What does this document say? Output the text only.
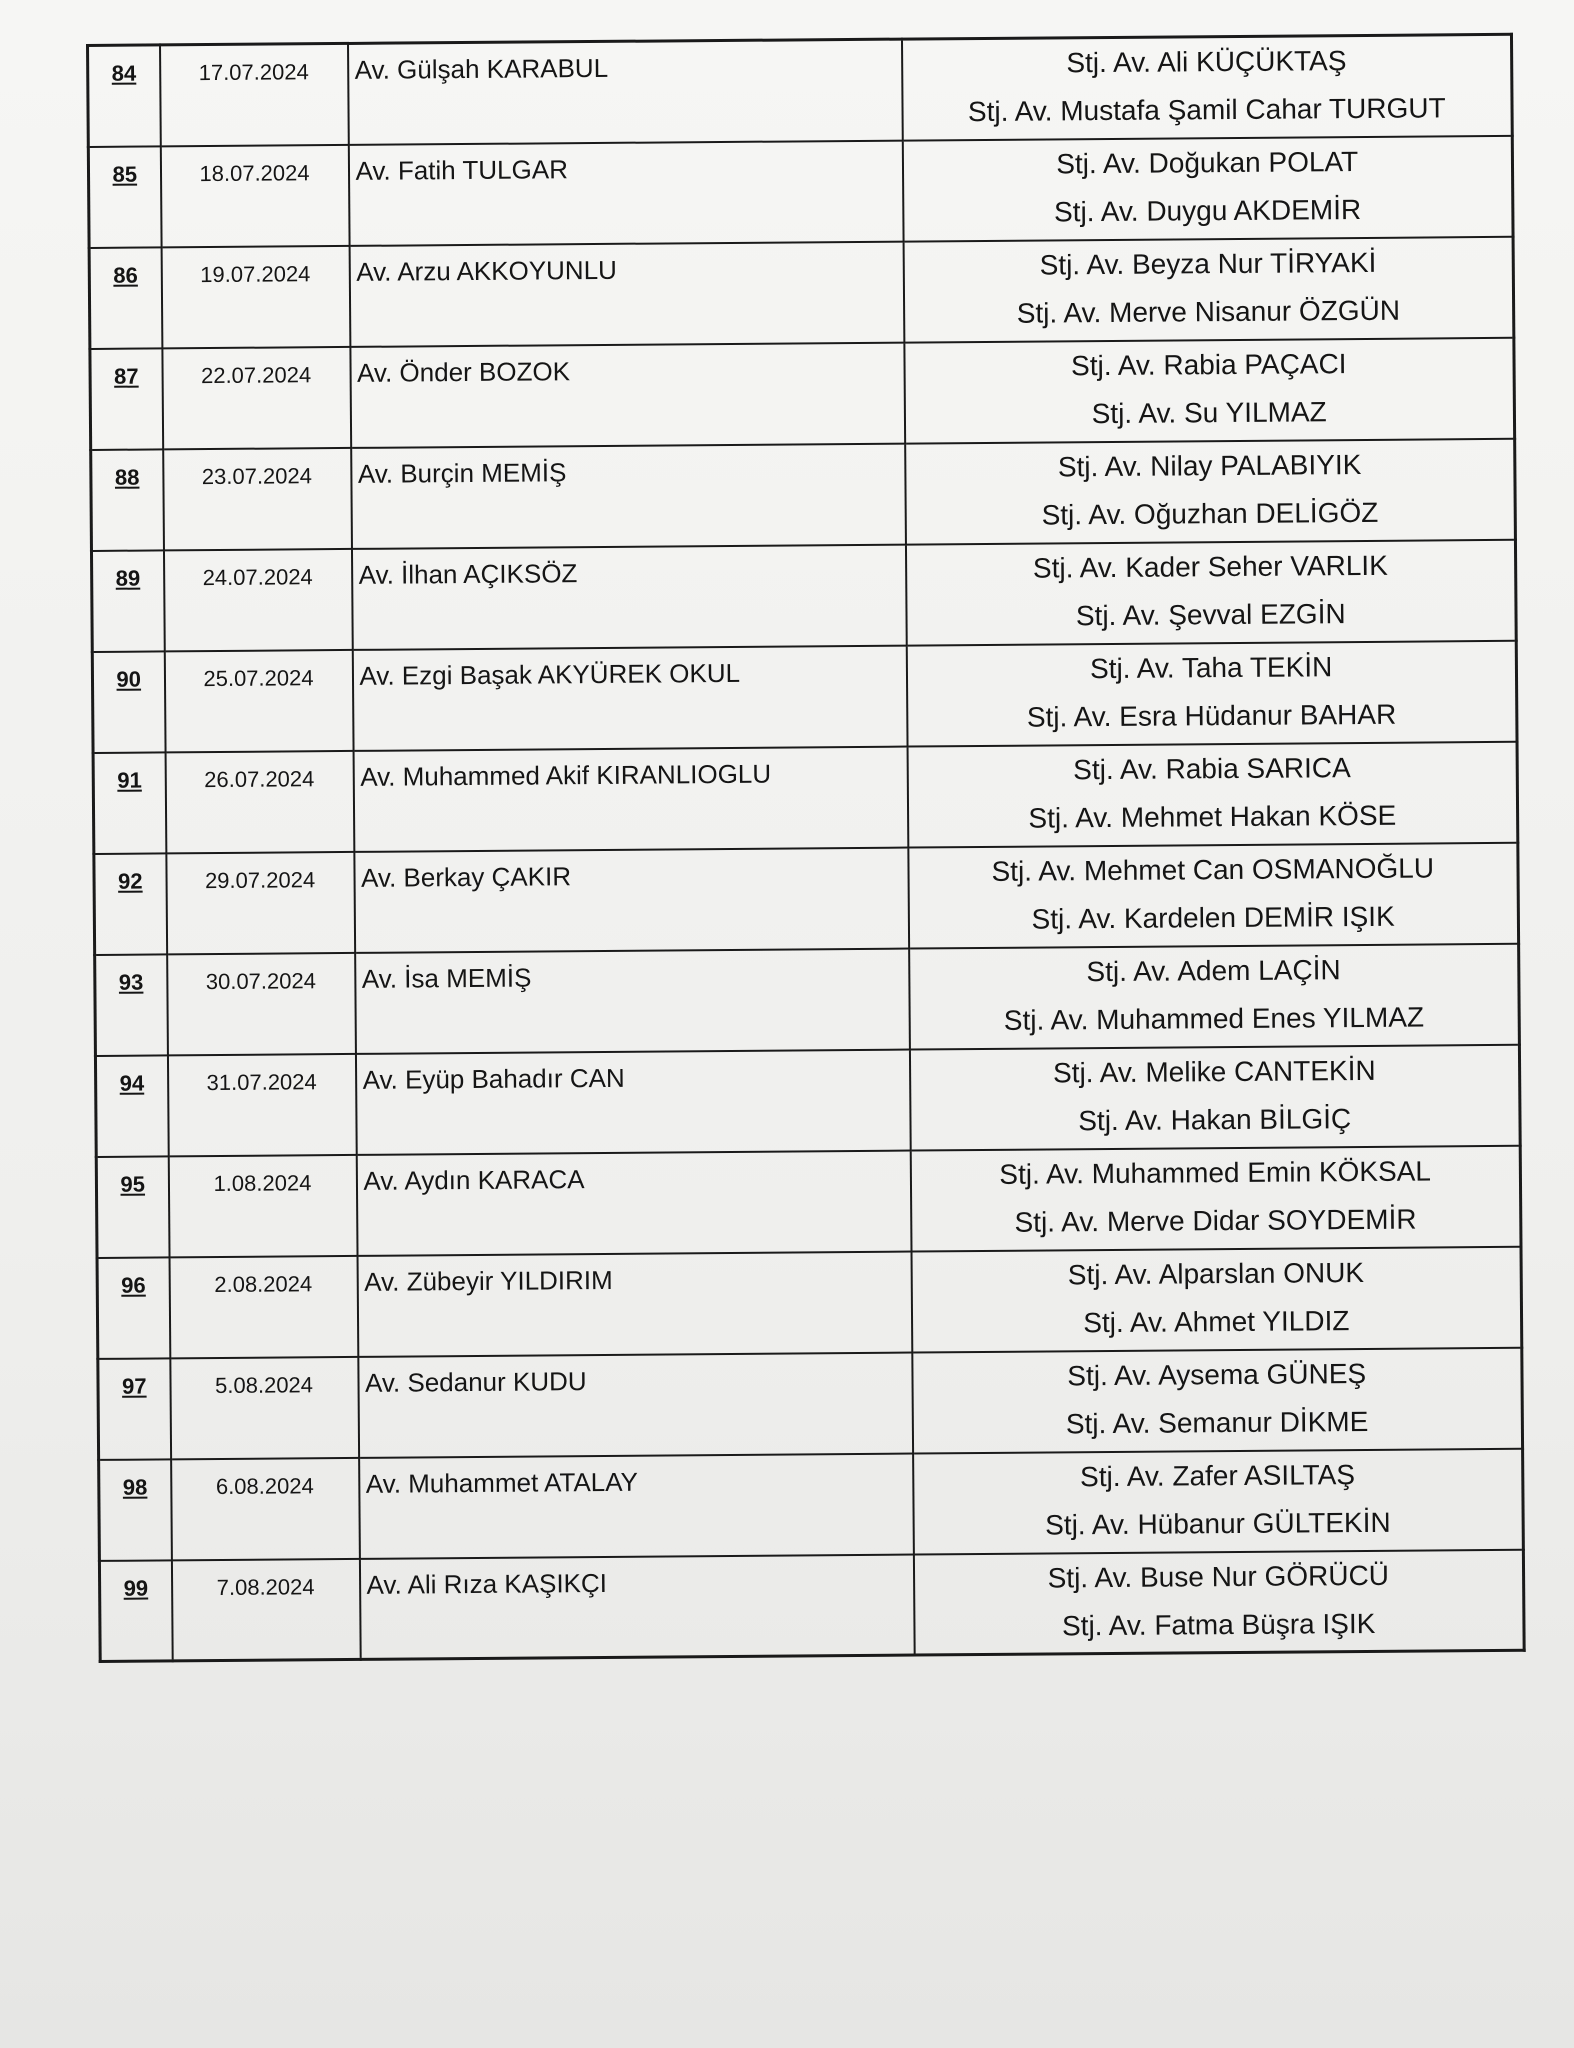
84	17.07.2024	Av. Gülşah KARABUL	Stj. Av. Ali KÜÇÜKTAŞ
Stj. Av. Mustafa Şamil Cahar TURGUT

85	18.07.2024	Av. Fatih TULGAR	Stj. Av. Doğukan POLAT
Stj. Av. Duygu AKDEMİR

86	19.07.2024	Av. Arzu AKKOYUNLU	Stj. Av. Beyza Nur TİRYAKİ
Stj. Av. Merve Nisanur ÖZGÜN

87	22.07.2024	Av. Önder BOZOK	Stj. Av. Rabia PAÇACI
Stj. Av. Su YILMAZ

88	23.07.2024	Av. Burçin MEMİŞ	Stj. Av. Nilay PALABIYIK
Stj. Av. Oğuzhan DELİGÖZ

89	24.07.2024	Av. İlhan AÇIKSÖZ	Stj. Av. Kader Seher VARLIK
Stj. Av. Şevval EZGİN

90	25.07.2024	Av. Ezgi Başak AKYÜREK OKUL	Stj. Av. Taha TEKİN
Stj. Av. Esra Hüdanur BAHAR

91	26.07.2024	Av. Muhammed Akif KIRANLIOGLU	Stj. Av. Rabia SARICA
Stj. Av. Mehmet Hakan KÖSE

92	29.07.2024	Av. Berkay ÇAKIR	Stj. Av. Mehmet Can OSMANOĞLU
Stj. Av. Kardelen DEMİR IŞIK

93	30.07.2024	Av. İsa MEMİŞ	Stj. Av. Adem LAÇİN
Stj. Av. Muhammed Enes YILMAZ

94	31.07.2024	Av. Eyüp Bahadır CAN	Stj. Av. Melike CANTEKİN
Stj. Av. Hakan BİLGİÇ

95	1.08.2024	Av. Aydın KARACA	Stj. Av. Muhammed Emin KÖKSAL
Stj. Av. Merve Didar SOYDEMİR

96	2.08.2024	Av. Zübeyir YILDIRIM	Stj. Av. Alparslan ONUK
Stj. Av. Ahmet YILDIZ

97	5.08.2024	Av. Sedanur KUDU	Stj. Av. Aysema GÜNEŞ
Stj. Av. Semanur DİKME

98	6.08.2024	Av. Muhammet ATALAY	Stj. Av. Zafer ASILTAŞ
Stj. Av. Hübanur GÜLTEKİN

99	7.08.2024	Av. Ali Rıza KAŞIKÇI	Stj. Av. Buse Nur GÖRÜCÜ
Stj. Av. Fatma Büşra IŞIK
